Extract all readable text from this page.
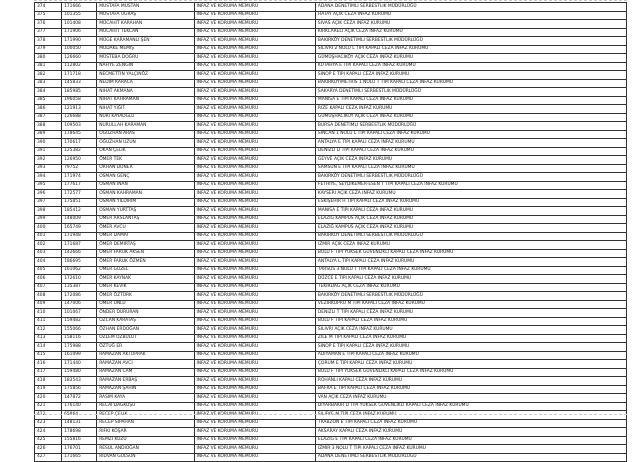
374	171666	MUSTAFA MUSTAN	INFAZ VE KORUMA MEMURU	ADANA DENETIMLI SERBESTLIK MÜDÜRLÜĞÜ
375	101355	MUSTAFA UĞRAŞ	INFAZ VE KORUMA MEMURU	HATAY AÇIK CEZA INFAZ KURUMU
376	101408	MÜCAHIT KARAHAN	INFAZ VE KORUMA MEMURU	SIVAS AÇIK CEZA INFAZ KURUMU
377	171906	MÜCAHIT TEKCAN	INFAZ VE KORUMA MEMURU	KIRKLARELI AÇIK CEZA INFAZ KURUMU
378	171990	MÜGE KARAMANLI ŞEN	INFAZ VE KORUMA MEMURU	BAKIRKÖY DENETIMLI SERBESTLIK MÜDÜRLÜĞÜ
379	100050	MÜDAKE MEMIŞ	INFAZ VE KORUMA MEMURU	SILIVRI 2 NOLU L TIPI KAPALI CEZA INFAZ KURUMU
380	126660	MÜSTEBA DOĞRU	INFAZ VE KORUMA MEMURU	GÜMÜŞHACIKÖY AÇIK CEZA INFAZ KURUMU
381	112802	NAFIYE ZENGIN	INFAZ VE KORUMA MEMURU	KÜTAHYA E TIPI KAPALI CEZA INFAZ KURUMU
382	171718	NECMETTIN YALÇINÖZ	INFAZ VE KORUMA MEMURU	SINOP E TIPI KAPALI CEZA INFAZ KURUMU
383	145833	NEDIM KARACA	INFAZ VE KORUMA MEMURU	BAKIRKÖY/METRIS 1 NOLU T TIPI KAPALI CEZA INFAZ KURUMU
384	185985	NIHAT AKMANA	INFAZ VE KORUMA MEMURU	SAKARYA DENETIMLI SERBESTLIK MÜDÜRLÜĞÜ
385	196058	NIHAT KAHRAMAN	INFAZ VE KORUMA MEMURU	MANISA E TIPI KAPALI CEZA INFAZ KURUMU
386	121913	NIHAT YIĞIT	INFAZ VE KORUMA MEMURU	RIZE KAPALI CEZA INFAZ KURUMU
387	126688	NURI KAYAOĞLU	INFAZ VE KORUMA MEMURU	GÜMÜŞHACIKÖY AÇIK CEZA INFAZ KURUMU
388	109503	NURULLAH KARAMAN	INFAZ VE KORUMA MEMURU	BURSA DENETIMLI SERBESTLIK MÜDÜRLÜĞÜ
389	178645	OĞUZHAN ARAS	INFAZ VE KORUMA MEMURU	SINCAN 1 NOLU L TIPI KAPALI CEZA INFAZ KURUMU
390	170617	OĞUZHAN UZUN	INFAZ VE KORUMA MEMURU	ANTALYA E TIPI KAPALI CEZA INFAZ KURUMU
391	125382	OKAN ÇELIK	INFAZ VE KORUMA MEMURU	DENIZLI D TIPI KAPALI CEZA INFAZ KURUMU
392	126950	ÖMER TEK	INFAZ VE KORUMA MEMURU	GEYVE AÇIK CEZA INFAZ KURUMU
393	79752	ORHAN DÖNER	INFAZ VE KORUMA MEMURU	SAMSUN E TIPI KAPALI CEZA INFAZ KURUMU
394	171974	OSMAN GENÇ	INFAZ VE KORUMA MEMURU	BAKIRKÖY DENETIMLI SERBESTLIK MÜDÜRLÜĞÜ
395	177617	OSMAN INAN	INFAZ VE KORUMA MEMURU	FETHIYE, SEYDIKEMER-ESEN T TIPI KAPALI CEZA INFAZ KURUMU
396	172577	OSMAN KAHRAMAN	INFAZ VE KORUMA MEMURU	KAYSERI AÇIK CEZA INFAZ KURUMU
397	175851	OSMAN YILDIRIM	INFAZ VE KORUMA MEMURU	ESKIŞEHIR H TIPI KAPALI CEZA INFAZ KURUMU
398	185412	OSMAN YURTTAŞ	INFAZ VE KORUMA MEMURU	MANISA E TIPI KAPALI CEZA INFAZ KURUMU
399	148009	ÖMER ARSLANTAŞ	INFAZ VE KORUMA MEMURU	ELAZIĞ KAMPUS AÇIK CEZA INFAZ KURUMU
400	165749	ÖMER AVCU	INFAZ VE KORUMA MEMURU	ELAZIĞ KAMPUS AÇIK CEZA INFAZ KURUMU
401	171948	ÖMER DAMAT	INFAZ VE KORUMA MEMURU	BAKIRKÖY DENETIMLI SERBESTLIK MÜDÜRLÜĞÜ
402	171687	ÖMER DEMIRTAŞ	INFAZ VE KORUMA MEMURU	IZMIR AÇIK CEZA INFAZ KURUMU
403	142666	ÖMER FARUK AKSEN	INFAZ VE KORUMA MEMURU	BOLU F TIPI YÜKSEK GÜVENLIKLI KAPALI CEZA INFAZ KURUMU
404	186695	ÖMER FARUK ÖZMEN	INFAZ VE KORUMA MEMURU	ANTALYA L TIPI KAPALI CEZA INFAZ KURUMU
405	161062	ÖMER GÜZEL	INFAZ VE KORUMA MEMURU	TARSUS 3 NOLU T TIPI KAPALI CEZA INFAZ KURUMU
406	172610	ÖMER KAYNAK	INFAZ VE KORUMA MEMURU	DÜZCE E TIPI KAPALI CEZA INFAZ KURUMU
407	135387	ÖMER KEVIK	INFAZ VE KORUMA MEMURU	TEKIRDAĞ AÇIK CEZA INFAZ KURUMU
408	172086	ÖMER ÖZTÜRK	INFAZ VE KORUMA MEMURU	BAKIRKÖY DENETIMLI SERBESTLIK MÜDÜRLÜĞÜ
409	147006	ÖMER ÜNLÜ	INFAZ VE KORUMA MEMURU	VEZIRKÖPRÜ M TIPI KAPALI CEZA INFAZ KURUMU
410	101067	ÖNDER DURURAN	INFAZ VE KORUMA MEMURU	DENIZLI T TIPI KAPALI CEZA INFAZ KURUMU
411	159482	ÖZCAN KARATAŞ	INFAZ VE KORUMA MEMURU	BOLU F TIPI KAPALI CEZA INFAZ KURUMU
412	155066	ÖZHAN ERDOĞAN	INFAZ VE KORUMA MEMURU	SILIVRI AÇIK CEZA INFAZ KURUMU
413	158116	ÖZLEM ÖZBULUT	INFAZ VE KORUMA MEMURU	ZILE M TIPI KAPALI CEZA INFAZ KURUMU
414	175988	ÖZTUĞ ER	INFAZ VE KORUMA MEMURU	SINOP E TIPI KAPALI CEZA INFAZ KURUMU
415	161099	RAMAZAN AKTOPRAK	INFAZ VE KORUMA MEMURU	ADIYAMAN E TIPI KAPALI CEZA INFAZ KURUMU
416	171440	RAMAZAN AVCI	INFAZ VE KORUMA MEMURU	ÇORUM E TIPI KAPALI CEZA INFAZ KURUMU
417	159480	RAMAZAN CAM	INFAZ VE KORUMA MEMURU	BOLU F TIPI YÜKSEK GÜVENLIKLI KAPALI CEZA INFAZ KURUMU
418	183543	RAMAZAN ERBAŞ	INFAZ VE KORUMA MEMURU	ROHANLI KAPALI CEZA INFAZ KURUMU
419	175856	RAMAZAN ŞAHIN	INFAZ VE KORUMA MEMURU	BAFRA E TIPI KAPALI CEZA INFAZ KURUMU
420	147872	RASIM KAYA	INFAZ VE KORUMA MEMURU	VAN AÇIK CEZA INFAZ KURUMU
421	176140	RECAI DAĞKUŞU	INFAZ VE KORUMA MEMURU	DIYARBAKIR D TIPI YÜKSEK GÜVENLIKLI KAPALI CEZA INFAZ KURUMU
422	65864	RECEP ÇELIK	INFAZ VE KORUMA MEMURU	SILIFKE M TIPI CEZA INFAZ KURUMU
423	148131	RECEP SIPAHAN	INFAZ VE KORUMA MEMURU	TRABZON E TIPI KAPALI CEZA INFAZ KURUMU
424	178698	RIFKI KOŞAR	INFAZ VE KORUMA MEMURU	AKSARAY KAPALI CEZA INFAZ KURUMU
425	155816	REMZI KUZU	INFAZ VE KORUMA MEMURU	ELAZIĞ E TIPI KAPALI CEZA INFAZ KURUMU
426	176701	RESUL ANDIOĞAN	INFAZ VE KORUMA MEMURU	IZMIR 3 NOLU T TIPI KAPALI CEZA INFAZ KURUMU
427	171665	RIDVAN GÜLSÜN	INFAZ VE KORUMA MEMURU	ADANA DENETIMLI SERBESTLIK MÜDÜRLÜĞÜ
